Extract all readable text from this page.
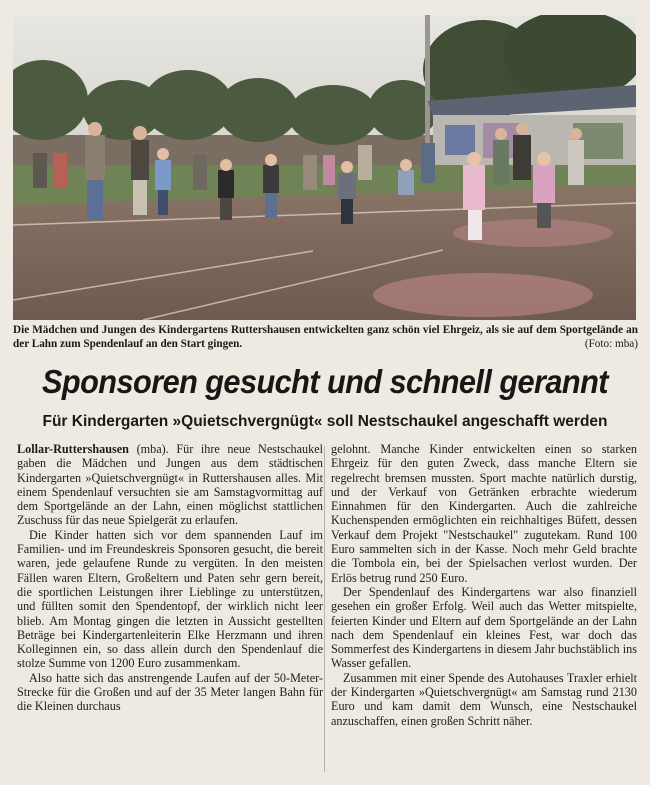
Die Mädchen und Jungen des Kindergartens Ruttershausen entwickelten ganz schön viel Ehrgeiz, als sie auf dem Sportgelände an der Lahn zum Spendenlauf an den Start gingen.	(Foto: mba)
Sponsoren gesucht und schnell gerannt
Für Kindergarten »Quietschvergnügt« soll Nestschaukel angeschafft werden

Lollar-Ruttershausen (mba). Für ihre neue Nestschaukel gaben die Mädchen und Jungen aus dem städtischen Kindergarten »Quietschvergnügt« in Ruttershausen alles. Mit einem Spendenlauf versuchten sie am Samstagvormittag auf dem Sportgelände an der Lahn, einen möglichst stattlichen Zuschuss für das neue Spielgerät zu erlaufen.

Die Kinder hatten sich vor dem spannenden Lauf im Familien- und im Freundeskreis Sponsoren gesucht, die bereit waren, jede gelaufene Runde zu vergüten. In den meisten Fällen waren Eltern, Großeltern und Paten sehr gern bereit, die sportlichen Leistungen ihrer Lieblinge zu unterstützen, und füllten somit den Spendentopf, der wirklich nicht leer blieb. Am Montag gingen die letzten in Aussicht gestellten Beträge bei Kindergartenleiterin Elke Herzmann und ihren Kolleginnen ein, so dass allein durch den Spendenlauf die stolze Summe von 1200 Euro zusammenkam.

Also hatte sich das anstrengende Laufen auf der 50-Meter-Strecke für die Großen und auf der 35 Meter langen Bahn für die Kleinen durchaus

gelohnt. Manche Kinder entwickelten einen so starken Ehrgeiz für den guten Zweck, dass manche Eltern sie regelrecht bremsen mussten. Sport machte natürlich durstig, und der Verkauf von Getränken erbrachte wiederum Einnahmen für den Kindergarten. Auch die zahlreiche Kuchenspenden ermöglichten ein reichhaltiges Büfett, dessen Verkauf dem Projekt "Nestschaukel" zugutekam. Rund 100 Euro sammelten sich in der Kasse. Noch mehr Geld brachte die Tombola ein, bei der Spielsachen verlost wurden. Der Erlös betrug rund 250 Euro.

Der Spendenlauf des Kindergartens war also finanziell gesehen ein großer Erfolg. Weil auch das Wetter mitspielte, feierten Kinder und Eltern auf dem Sportgelände an der Lahn nach dem Spendenlauf ein kleines Fest, war doch das Sommerfest des Kindergartens in diesem Jahr buchstäblich ins Wasser gefallen.

Zusammen mit einer Spende des Autohauses Traxler erhielt der Kindergarten »Quietschvergnügt« am Samstag rund 2130 Euro und kam damit dem Wunsch, eine Nestschaukel anzuschaffen, einen großen Schritt näher.
